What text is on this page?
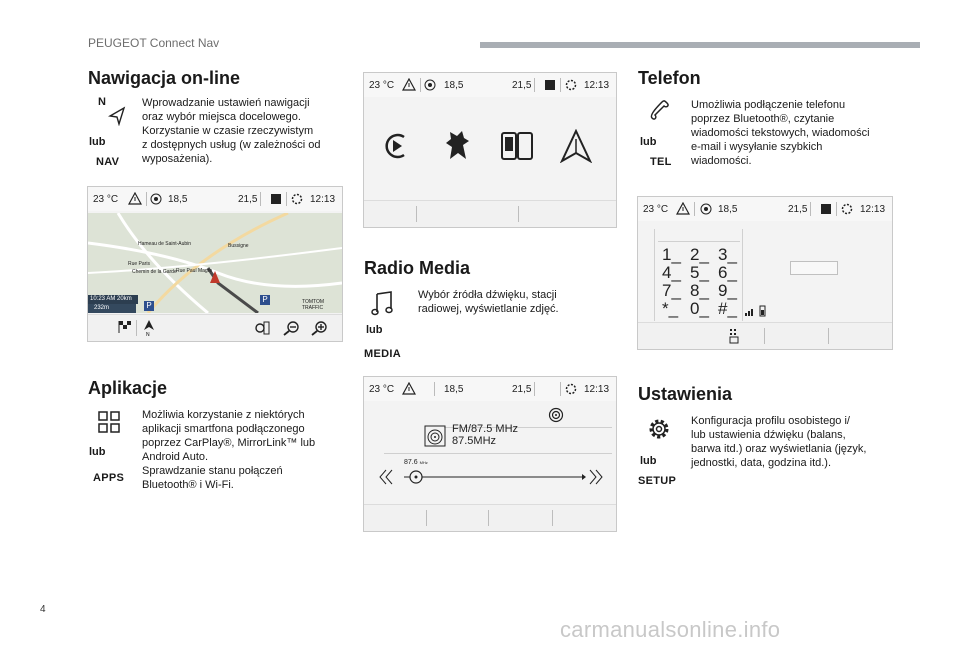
PEUGEOT Connect Nav
4
carmanualsonline.info
Nawigacja on-line
N
lub
NAV
Wprowadzanie ustawień nawigacji
oraz wybór miejsca docelowego.
Korzystanie w czasie rzeczywistym
z dostępnych usług (w zależności od
wyposażenia).
23 °C	18,5	21,5	12:13
Hameau de Saint-Aubin	Bussigne
Rue Paris
Rue Paul Magre
Chemin de la Garde
10:23 AM 20km
232m	P
P	TOMTOM TRAFFIC
N
Aplikacje
lub
APPS
Możliwia korzystanie z niektórych
aplikacji smartfona podłączonego
poprzez CarPlay®, MirrorLink™ lub
Android Auto.
Sprawdzanie stanu połączeń
Bluetooth® i Wi-Fi.
23 °C	18,5	21,5	12:13
Radio Media
lub
MEDIA
Wybór źródła dźwięku, stacji
radiowej, wyświetlanie zdjęć.
23 °C	18,5	21,5	12:13
FM/87.5 MHz
87.5MHz
87.6 MHz
Telefon
lub
TEL
Umożliwia podłączenie telefonu
poprzez Bluetooth®, czytanie
wiadomości tekstowych, wiadomości
e-mail i wysyłanie szybkich
wiadomości.
23 °C	18,5	21,5	12:13
1_ 2_ 3_
4_ 5_ 6_
7_ 8_ 9_
*_ 0_ #_
Ustawienia
lub
SETUP
Konfiguracja profilu osobistego i/
lub ustawienia dźwięku (balans,
barwa itd.) oraz wyświetlania (język,
jednostki, data, godzina itd.).
